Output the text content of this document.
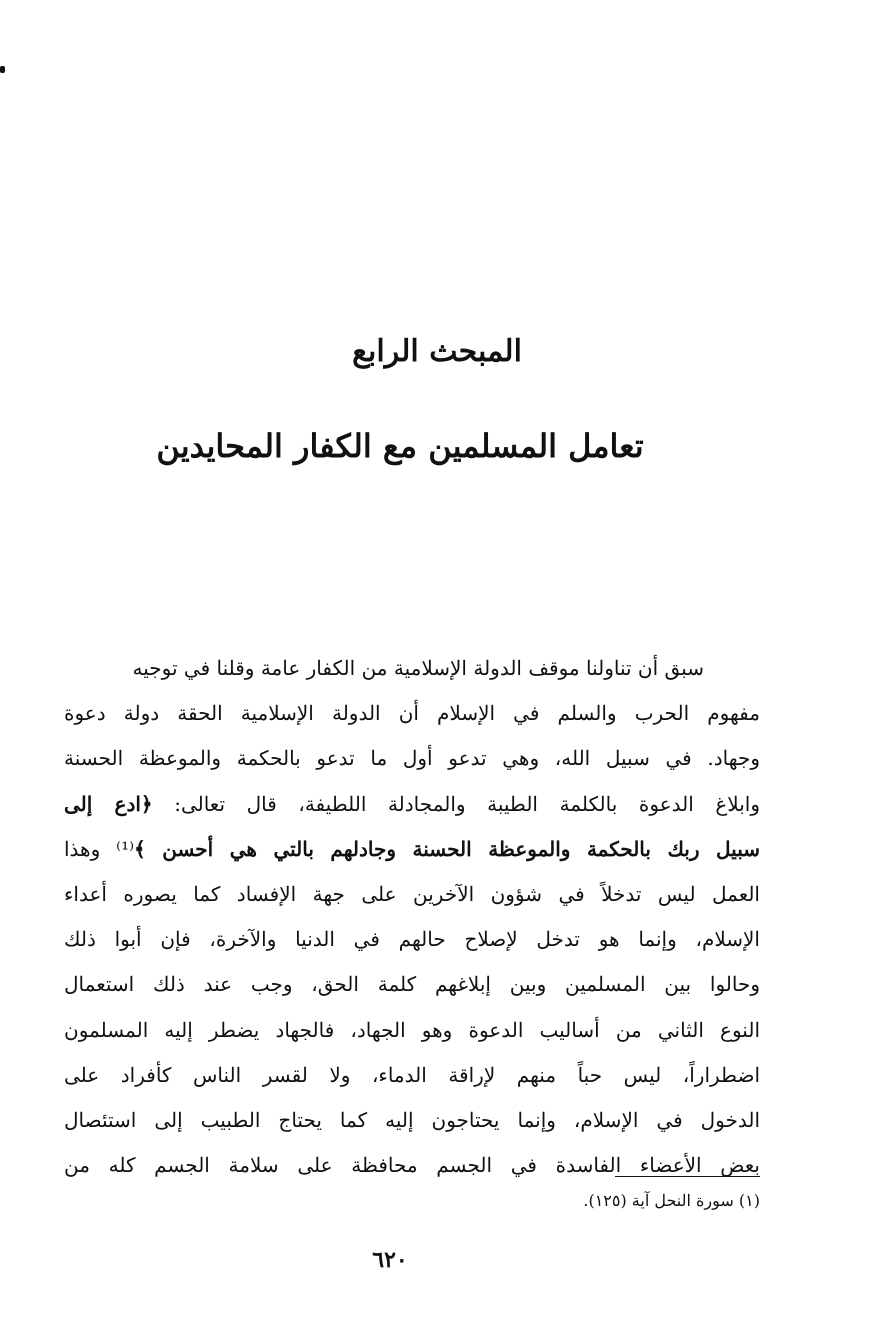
المبحث الرابع
تعامل المسلمين مع الكفار المحايدين
سبق أن تناولنا موقف الدولة الإسلامية من الكفار عامة وقلنا في توجيه
مفهوم الحرب والسلم في الإسلام أن الدولة الإسلامية الحقة دولة دعوة
وجهاد. في سبيل الله، وهي تدعو أول ما تدعو بالحكمة والموعظة الحسنة
وابلاغ الدعوة بالكلمة الطيبة والمجادلة اللطيفة، قال تعالى: ﴿ادع إلى
سبيل ربك بالحكمة والموعظة الحسنة وجادلهم بالتي هي أحسن ﴾⁽¹⁾ وهذا
العمل ليس تدخلاً في شؤون الآخرين على جهة الإفساد كما يصوره أعداء
الإسلام، وإنما هو تدخل لإصلاح حالهم في الدنيا والآخرة، فإن أبوا ذلك
وحالوا بين المسلمين وبين إبلاغهم كلمة الحق، وجب عند ذلك استعمال
النوع الثاني من أساليب الدعوة وهو الجهاد، فالجهاد يضطر إليه المسلمون
اضطراراً، ليس حباً منهم لإراقة الدماء، ولا لقسر الناس كأفراد على
الدخول في الإسلام، وإنما يحتاجون إليه كما يحتاج الطبيب إلى استئصال
بعض الأعضاء الفاسدة في الجسم محافظة على سلامة الجسم كله من
(١) سورة النحل آية (١٢٥).
٦٢٠
